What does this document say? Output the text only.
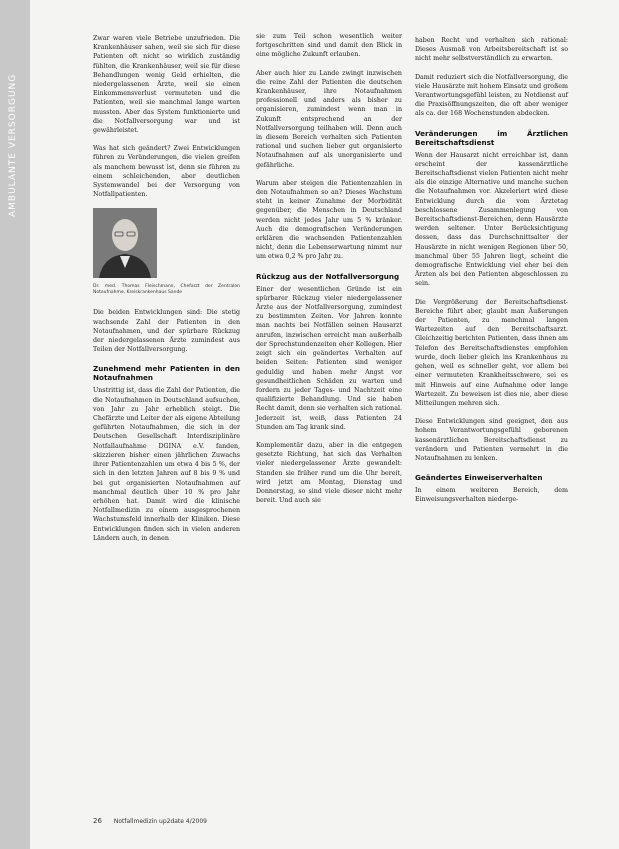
AMBULANTE VERSORGUNG

Zwar waren viele Betriebe unzufrieden. Die Krankenhäuser sahen, weil sie sich für diese Patienten oft nicht so wirklich zuständig fühlten, die Krankenhäuser, weil sie für diese Behandlungen wenig Geld erhielten, die niedergelassenen Ärzte, weil sie einen Einkommensverlust vermuteten und die Patienten, weil sie manchmal lange warten mussten. Aber das System funktionierte und die Notfallversorgung war und ist gewährleistet.

Was hat sich geändert? Zwei Entwicklungen führen zu Veränderungen, die vielen greifen als manchem bewusst ist, denn sie führen zu einem schleichenden, aber deutlichen Systemwandel bei der Versorgung von Notfallpatienten.

Dr. med. Thomas Fleischmann, Chefarzt der Zentralen Notaufnahme, Kreiskrankenhaus Sande

Die beiden Entwicklungen sind: Die stetig wachsende Zahl der Patienten in den Notaufnahmen, und der spürbare Rückzug der niedergelassenen Ärzte zumindest aus Teilen der Notfallversorgung.

Zunehmend mehr Patienten in den Notaufnahmen

Unstrittig ist, dass die Zahl der Patienten, die die Notaufnahmen in Deutschland aufsuchen, von Jahr zu Jahr erheblich steigt. Die Chefärzte und Leiter der als eigene Abteilung geführten Notaufnahmen, die sich in der Deutschen Gesellschaft Interdisziplinäre Notfallaufnahme DGINA e.V. fanden, skizzieren bisher einen jährlichen Zuwachs ihrer Patientenzahlen um etwa 4 bis 5 %, der sich in den letzten Jahren auf 8 bis 9 % und bei gut organisierten Notaufnahmen auf manchmal deutlich über 10 % pro Jahr erhöhen hat. Damit wird die klinische Notfallmedizin zu einem ausgesprochenen Wachstumsfeld innerhalb der Kliniken. Diese Entwicklungen finden sich in vielen anderen Ländern auch, in denen

sie zum Teil schon wesentlich weiter fortgeschritten sind und damit den Blick in eine mögliche Zukunft erlauben.

Aber auch hier zu Lande zwingt inzwischen die reine Zahl der Patienten die deutschen Krankenhäuser, ihre Notaufnahmen professionell und anders als bisher zu organisieren, zumindest wenn man in Zukunft entsprechend an der Notfallversorgung teilhaben will. Denn auch in diesem Bereich verhalten sich Patienten rational und suchen lieber gut organisierte Notaufnahmen auf als unorganisierte und gefährliche.

Warum aber steigen die Patientenzahlen in den Notaufnahmen so an? Dieses Wachstum steht in keiner Zunahme der Morbidität gegenüber, die Menschen in Deutschland werden nicht jedes Jahr um 5 % kränker. Auch die demografischen Veränderungen erklären die wachsenden Patientenzahlen nicht, denn die Lebenserwartung nimmt nur um etwa 0,2 % pro Jahr zu.

Rückzug aus der Notfallversorgung

Einer der wesentlichen Gründe ist ein spürbarer Rückzug vieler niedergelassener Ärzte aus der Notfallversorgung, zumindest zu bestimmten Zeiten. Vor Jahren konnte man nachts bei Notfällen seinen Hausarzt anrufen, inzwischen erreicht man außerhalb der Sprechstundenzeiten eher Kollegen. Hier zeigt sich ein geändertes Verhalten auf beiden Seiten: Patienten sind weniger geduldig und haben mehr Angst vor gesundheitlichen Schäden zu warten und fordern zu jeder Tages- und Nachtzeit eine qualifizierte Behandlung. Und sie haben Recht damit, denn sie verhalten sich rational. Jederzeit ist, weiß, dass Patienten 24 Stunden am Tag krank sind.

Komplementär dazu, aber in die entgegen gesetzte Richtung, hat sich das Verhalten vieler niedergelassener Ärzte gewandelt: Standen sie früher rund um die Uhr bereit, wird jetzt am Montag, Dienstag und Donnerstag, so sind viele dieser nicht mehr bereit. Und auch sie

haben Recht und verhalten sich rational: Dieses Ausmaß von Arbeitsbereitschaft ist so nicht mehr selbstverständlich zu erwarten.

Damit reduziert sich die Notfallversorgung, die viele Hausärzte mit hohem Einsatz und großem Verantwortungsgefühl leisten, zu Notdienst auf die Praxisöffnungszeiten, die oft aber weniger als ca. der 168 Wochenstunden abdecken.

Veränderungen im Ärztlichen Bereitschaftsdienst

Wenn der Hausarzt nicht erreichbar ist, dann erscheint der kassenärztliche Bereitschaftsdienst vielen Patienten nicht mehr als die einzige Alternative und manche suchen die Notaufnahmen vor. Akzeleriert wird diese Entwicklung durch die vom Ärztetag beschlossene Zusammenlegung von Bereitschaftsdienst-Bereichen, denn Hausärzte werden seltener. Unter Berücksichtigung dessen, dass das Durchschnittsalter der Hausärzte in nicht wenigen Regionen über 50, manchmal über 55 Jahren liegt, scheint die demografische Entwicklung viel eher bei den Ärzten als bei den Patienten abgeschlossen zu sein.

Die Vergrößerung der Bereitschaftsdienst-Bereiche führt aber, glaubt man Äußerungen der Patienten, zu manchmal langen Wartezeiten auf den Bereitschaftsarzt. Gleichzeitig berichten Patienten, dass ihnen am Telefon des Bereitschaftsdienstes empfohlen wurde, doch lieber gleich ins Krankenhaus zu gehen, weil es schneller geht, vor allem bei einer vermuteten Krankheitsschwere, sei es mit Hinweis auf eine Aufnahme oder lange Wartezeit. Zu beweisen ist dies nie, aber diese Mitteilungen mehren sich.

Diese Entwicklungen sind geeignet, den aus hohem Verantwortungsgefühl geborenen kassenärztlichen Bereitschaftsdienst zu verändern und Patienten vermehrt in die Notaufnahmen zu lenken.

Geändertes Einweiserverhalten

In einem weiteren Bereich, dem Einweisungsverhalten niederge-

26 Notfallmedizin up2date 4/2009
